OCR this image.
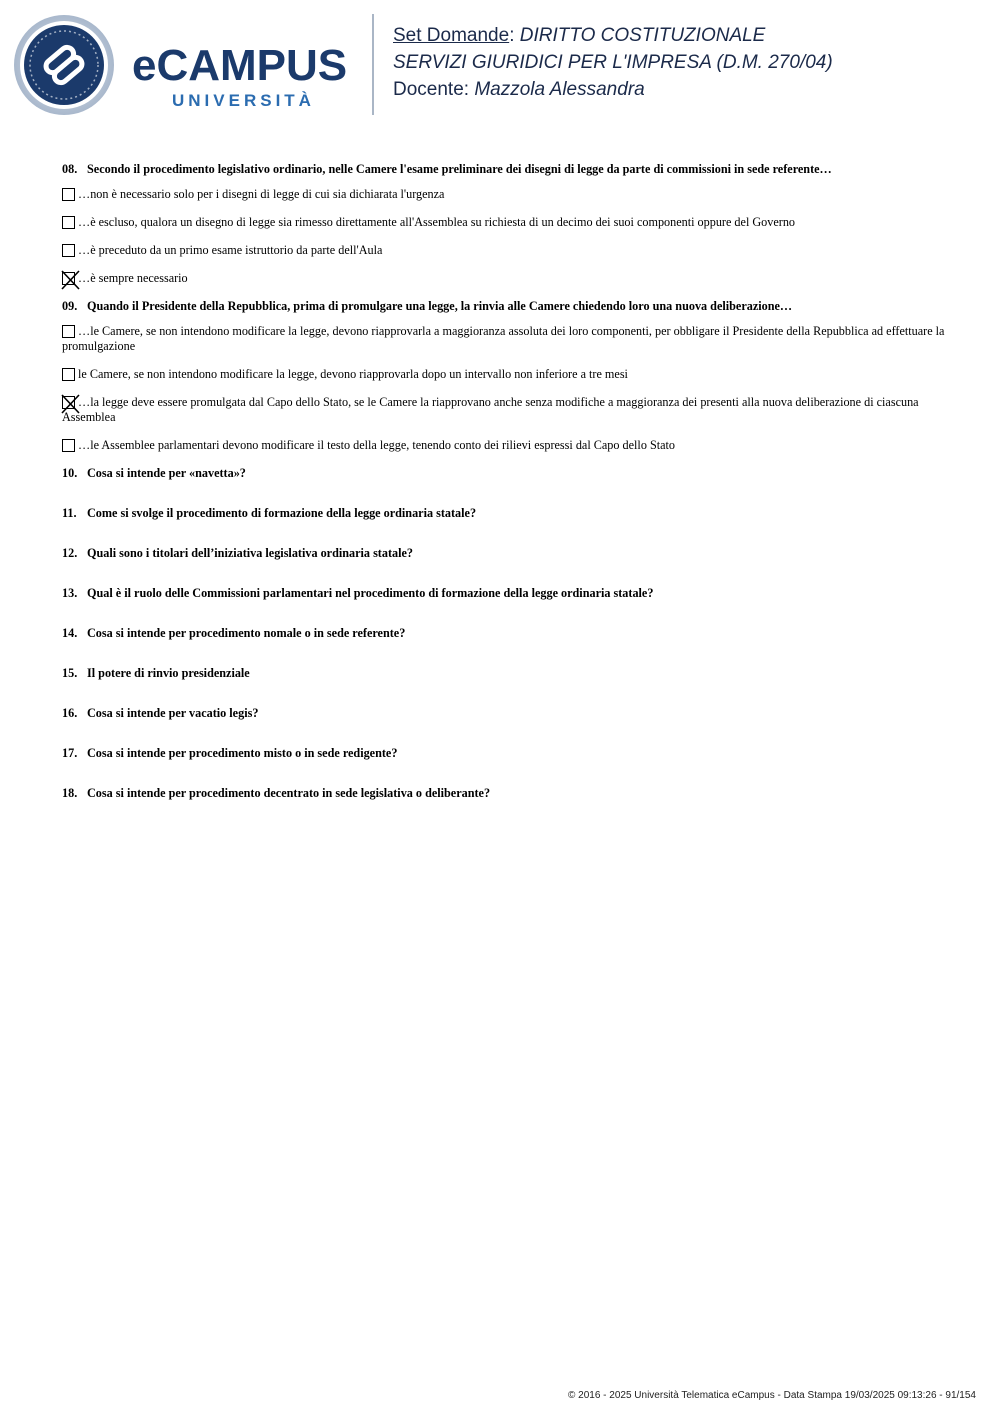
eCAMPUS
UNIVERSITÀ
Set Domande: DIRITTO COSTITUZIONALE
SERVIZI GIURIDICI PER L'IMPRESA (D.M. 270/04)
Docente: Mazzola Alessandra
08. Secondo il procedimento legislativo ordinario, nelle Camere l'esame preliminare dei disegni di legge da parte di commissioni in sede referente…
…non è necessario solo per i disegni di legge di cui sia dichiarata l'urgenza
…è escluso, qualora un disegno di legge sia rimesso direttamente all'Assemblea su richiesta di un decimo dei suoi componenti oppure del Governo
…è preceduto da un primo esame istruttorio da parte dell'Aula
…è sempre necessario
09. Quando il Presidente della Repubblica, prima di promulgare una legge, la rinvia alle Camere chiedendo loro una nuova deliberazione…
…le Camere, se non intendono modificare la legge, devono riapprovarla a maggioranza assoluta dei loro componenti, per obbligare il Presidente della Repubblica ad effettuare la promulgazione
le Camere, se non intendono modificare la legge, devono riapprovarla dopo un intervallo non inferiore a tre mesi
…la legge deve essere promulgata dal Capo dello Stato, se le Camere la riapprovano anche senza modifiche a maggioranza dei presenti alla nuova deliberazione di ciascuna Assemblea
…le Assemblee parlamentari devono modificare il testo della legge, tenendo conto dei rilievi espressi dal Capo dello Stato
10. Cosa si intende per «navetta»?
11. Come si svolge il procedimento di formazione della legge ordinaria statale?
12. Quali sono i titolari dell’iniziativa legislativa ordinaria statale?
13. Qual è il ruolo delle Commissioni parlamentari nel procedimento di formazione della legge ordinaria statale?
14. Cosa si intende per procedimento nomale o in sede referente?
15. Il potere di rinvio presidenziale
16. Cosa si intende per vacatio legis?
17. Cosa si intende per procedimento misto o in sede redigente?
18. Cosa si intende per procedimento decentrato in sede legislativa o deliberante?
© 2016 - 2025 Università Telematica eCampus - Data Stampa 19/03/2025 09:13:26 - 91/154
